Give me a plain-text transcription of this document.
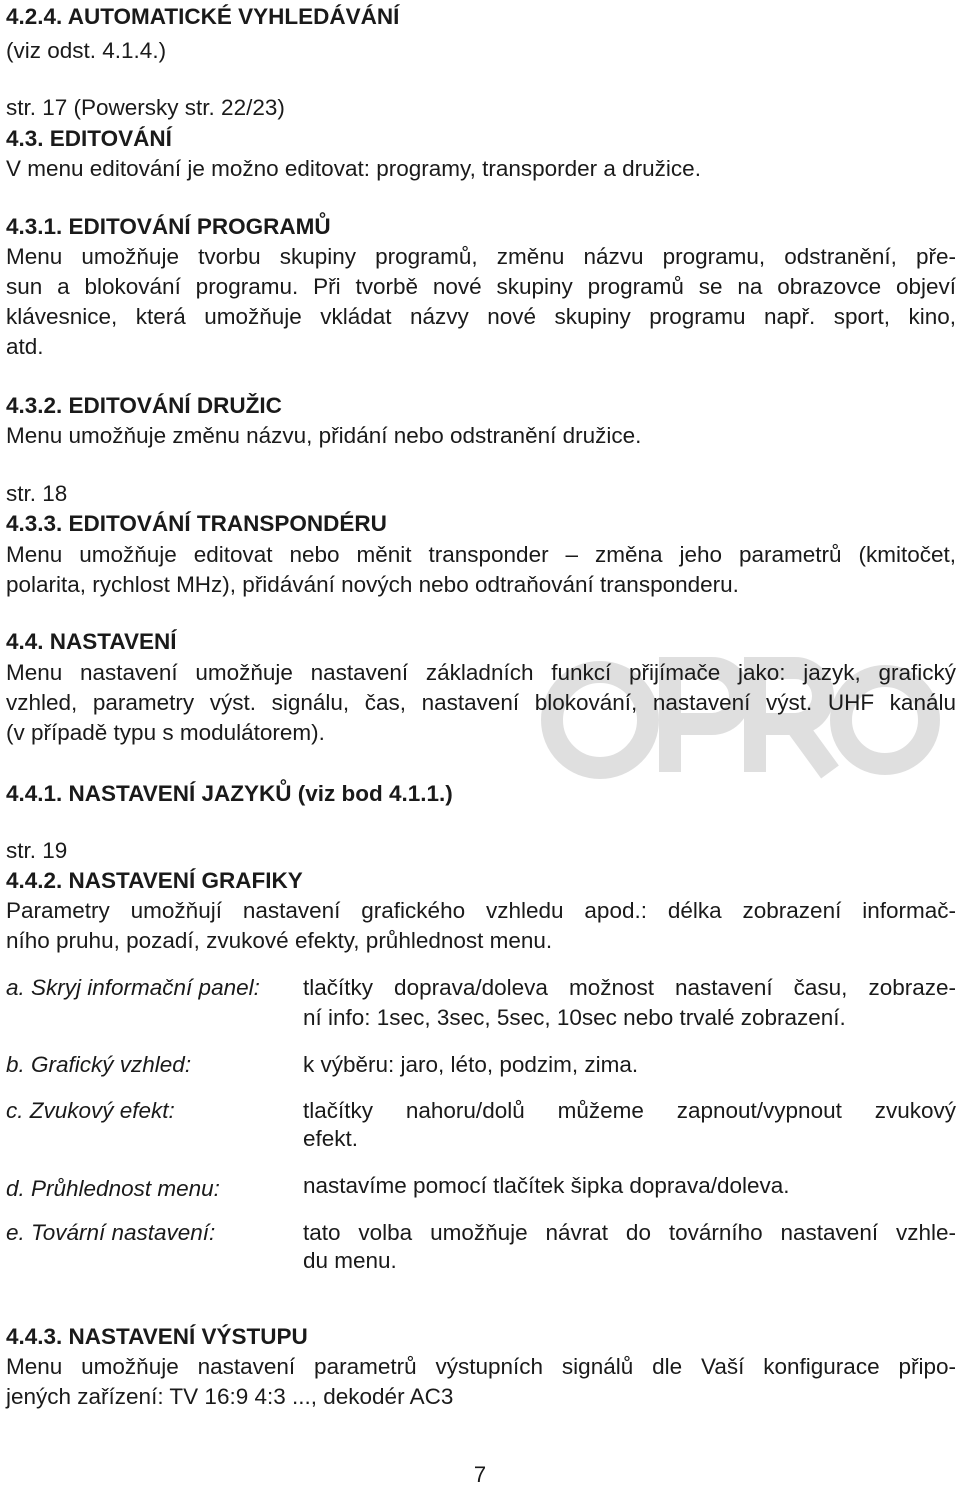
4.2.4. AUTOMATICKÉ VYHLEDÁVÁNÍ

(viz odst. 4.1.4.)

str. 17 (Powersky str. 22/23)

4.3. EDITOVÁNÍ

V menu editování je možno editovat: programy, transporder a družice.

4.3.1. EDITOVÁNÍ PROGRAMŮ

Menu umožňuje tvorbu skupiny programů, změnu názvu programu, odstranění, pře-

sun a blokování programu. Při tvorbě nové skupiny programů se na obrazovce objeví

klávesnice, která umožňuje vkládat názvy nové skupiny programu např. sport, kino,

atd.

4.3.2. EDITOVÁNÍ DRUŽIC

Menu umožňuje změnu názvu, přidání nebo odstranění družice.

str. 18

4.3.3. EDITOVÁNÍ TRANSPONDÉRU

Menu umožňuje editovat nebo měnit transponder – změna jeho parametrů (kmitočet,

polarita, rychlost MHz), přidávání nových nebo odtraňování transponderu.

4.4. NASTAVENÍ

Menu nastavení umožňuje nastavení základních funkcí přijímače jako: jazyk, grafický

vzhled, parametry výst. signálu, čas, nastavení blokování, nastavení výst. UHF kanálu

(v případě typu s modulátorem).

4.4.1. NASTAVENÍ JAZYKŮ (viz bod 4.1.1.)

str. 19

4.4.2. NASTAVENÍ GRAFIKY

Parametry umožňují nastavení grafického vzhledu apod.: délka zobrazení informač-

ního pruhu, pozadí, zvukové efekty, průhlednost menu.

a. Skryj informační panel:	tlačítky doprava/doleva možnost nastavení času, zobraze-

ní info: 1sec, 3sec, 5sec, 10sec nebo trvalé zobrazení.

b. Grafický vzhled:	k výběru: jaro, léto, podzim, zima.

c. Zvukový efekt:	tlačítky nahoru/dolů můžeme zapnout/vypnout zvukový

efekt.

d. Průhlednost menu:	nastavíme pomocí tlačítek šipka doprava/doleva.

e. Tovární nastavení:	tato volba umožňuje návrat do továrního nastavení vzhle-

du menu.

4.4.3. NASTAVENÍ VÝSTUPU

Menu umožňuje nastavení parametrů výstupních signálů dle Vaší konfigurace připo-

jených zařízení: TV 16:9 4:3 ..., dekodér AC3

7
